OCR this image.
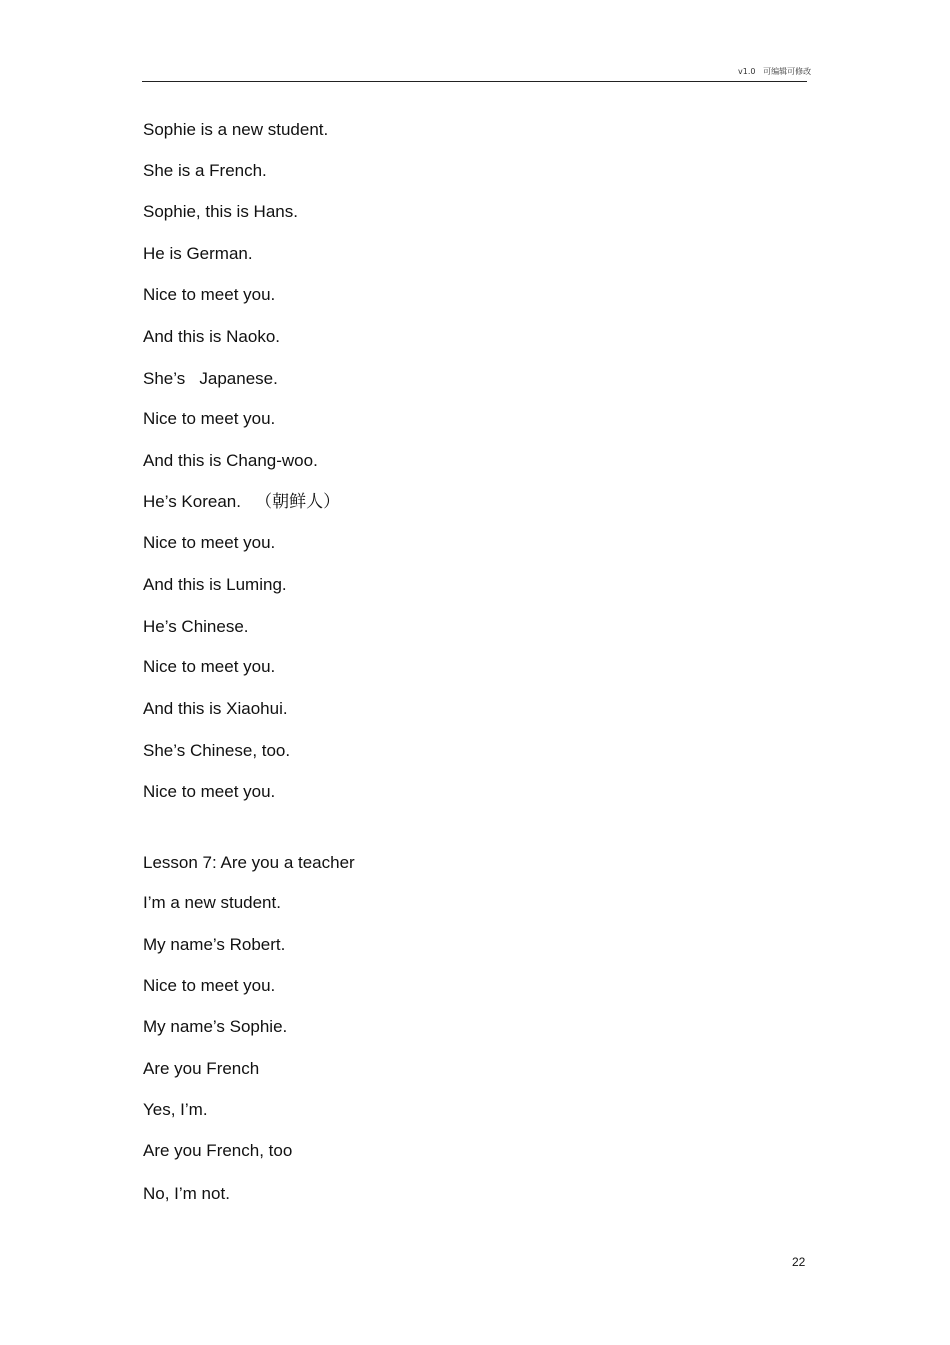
v1.0 可编辑可修改
Sophie is a new student.
She is a French.
Sophie, this is Hans.
He is German.
Nice to meet you.
And this is Naoko.
She’s   Japanese.
Nice to meet you.
And this is Chang-woo.
He’s Korean.   （朝鲜人）
Nice to meet you.
And this is Luming.
He’s Chinese.
Nice to meet you.
And this is Xiaohui.
She’s Chinese, too.
Nice to meet you.
Lesson 7: Are you a teacher
I’m a new student.
My name’s Robert.
Nice to meet you.
My name’s Sophie.
Are you French
Yes, I’m.
Are you French, too
No, I’m not.
22
